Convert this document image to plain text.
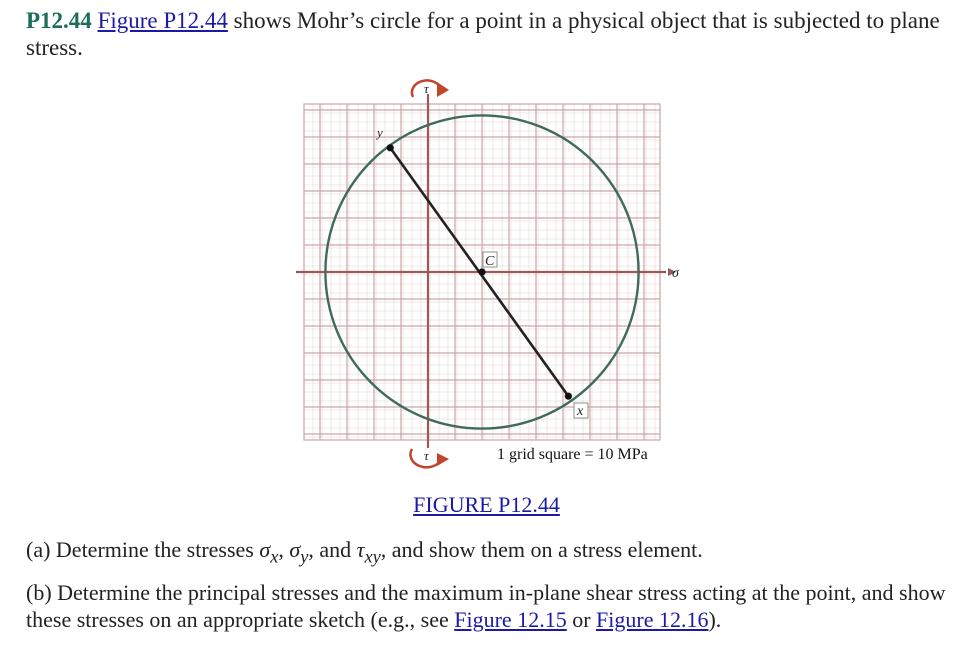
P12.44 Figure P12.44 shows Mohr’s circle for a point in a physical object that is subjected to plane stress.
y
C
x
σ
τ
τ	1 grid square = 10 MPa
FIGURE P12.44
(a) Determine the stresses $\sigma_x$, $\sigma_y$, and $\tau_{xy}$, and show them on a stress element.
(b) Determine the principal stresses and the maximum in-plane shear stress acting at the point, and show these stresses on an appropriate sketch (e.g., see Figure 12.15 or Figure 12.16).
